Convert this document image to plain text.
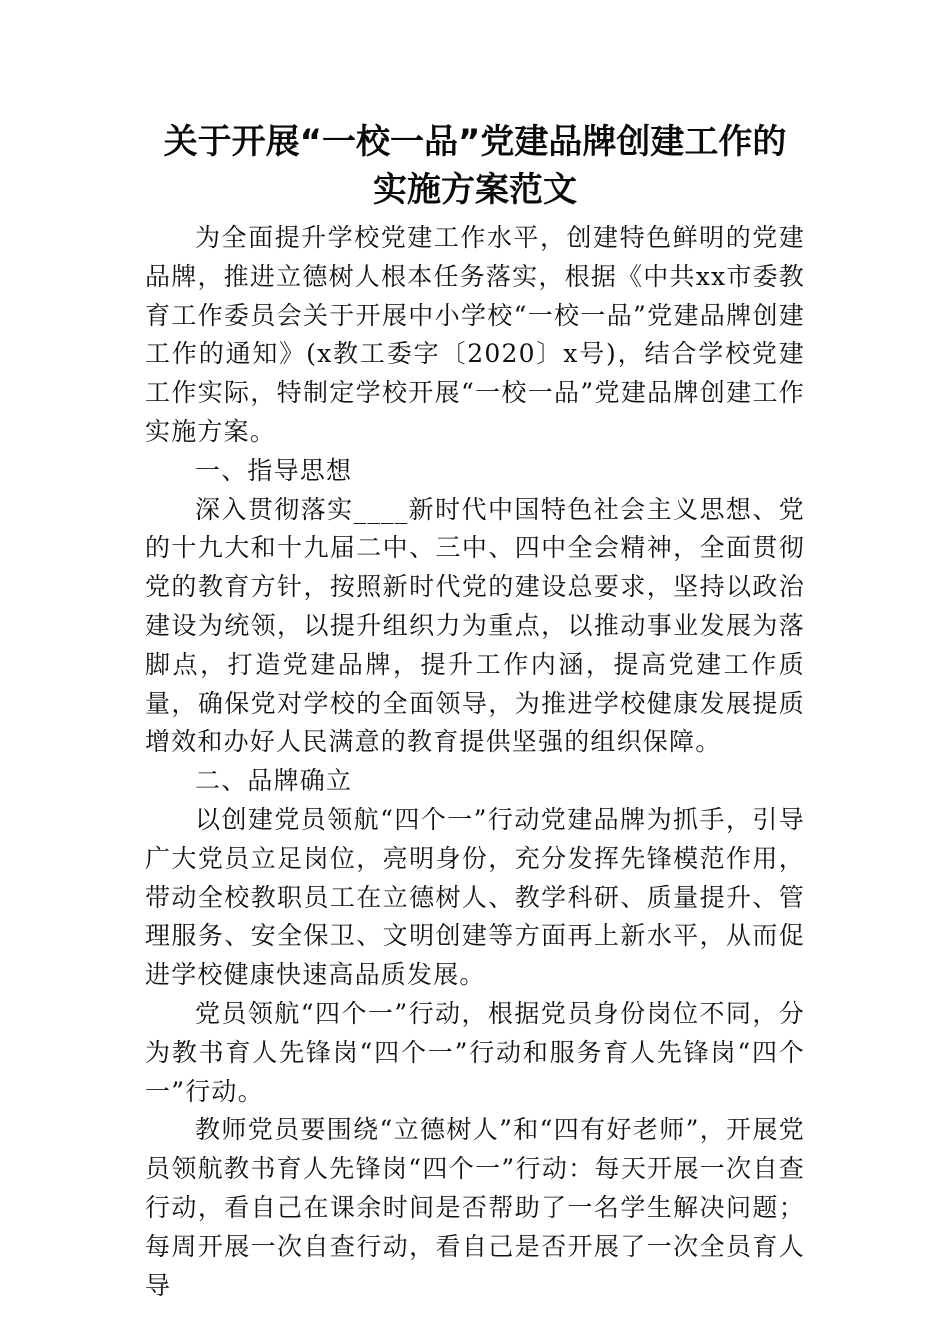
关于开展“一校一品”党建品牌创建工作的
实施方案范文

为全面提升学校党建工作水平，创建特色鲜明的党建品牌，推进立德树人根本任务落实，根据《中共xx市委教育工作委员会关于开展中小学校“一校一品”党建品牌创建工作的通知》(x教工委字〔2020〕x号)，结合学校党建工作实际，特制定学校开展“一校一品”党建品牌创建工作实施方案。

一、指导思想

深入贯彻落实____新时代中国特色社会主义思想、党的十九大和十九届二中、三中、四中全会精神，全面贯彻党的教育方针，按照新时代党的建设总要求，坚持以政治建设为统领，以提升组织力为重点，以推动事业发展为落脚点，打造党建品牌，提升工作内涵，提高党建工作质量，确保党对学校的全面领导，为推进学校健康发展提质增效和办好人民满意的教育提供坚强的组织保障。

二、品牌确立

以创建党员领航“四个一”行动党建品牌为抓手，引导广大党员立足岗位，亮明身份，充分发挥先锋模范作用，带动全校教职员工在立德树人、教学科研、质量提升、管理服务、安全保卫、文明创建等方面再上新水平，从而促进学校健康快速高品质发展。

党员领航“四个一”行动，根据党员身份岗位不同，分为教书育人先锋岗“四个一”行动和服务育人先锋岗“四个一”行动。

教师党员要围绕“立德树人”和“四有好老师”，开展党员领航教书育人先锋岗“四个一”行动：每天开展一次自查行动，看自己在课余时间是否帮助了一名学生解决问题；每周开展一次自查行动，看自己是否开展了一次全员育人导
